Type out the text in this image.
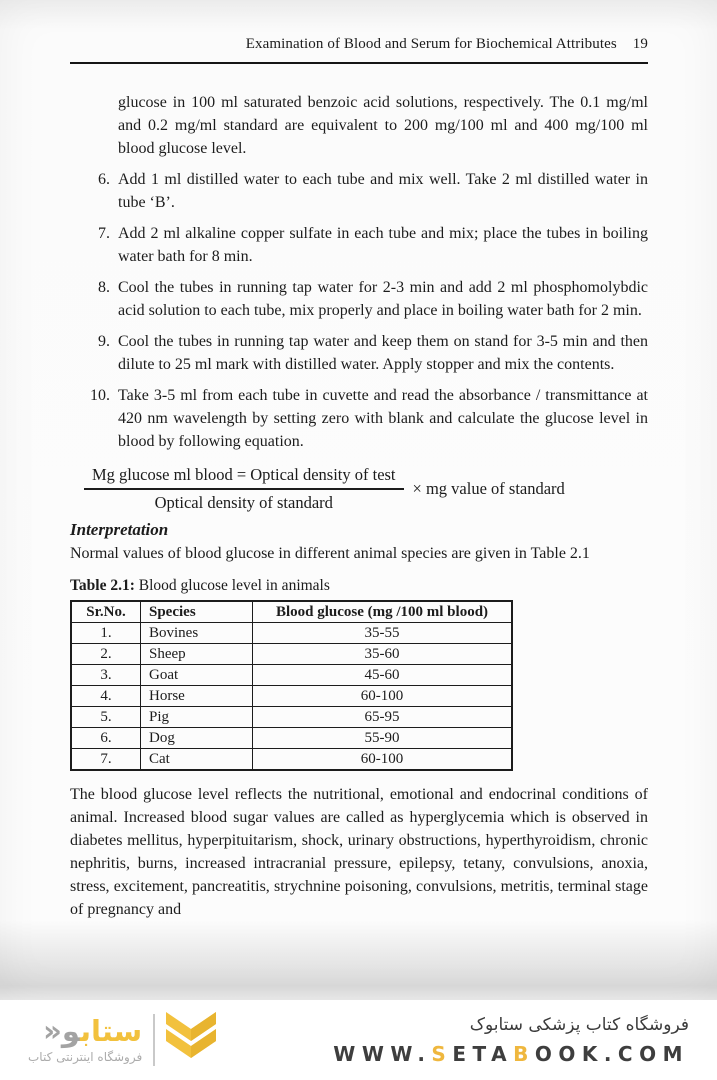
Examination of Blood and Serum for Biochemical Attributes 19

glucose in 100 ml saturated benzoic acid solutions, respectively. The 0.1 mg/ml and 0.2 mg/ml standard are equivalent to 200 mg/100 ml and 400 mg/100 ml blood glucose level.

6. Add 1 ml distilled water to each tube and mix well. Take 2 ml distilled water in tube ‘B’.
7. Add 2 ml alkaline copper sulfate in each tube and mix; place the tubes in boiling water bath for 8 min.
8. Cool the tubes in running tap water for 2-3 min and add 2 ml phosphomolybdic acid solution to each tube, mix properly and place in boiling water bath for 2 min.
9. Cool the tubes in running tap water and keep them on stand for 3-5 min and then dilute to 25 ml mark with distilled water. Apply stopper and mix the contents.
10. Take 3-5 ml from each tube in cuvette and read the absorbance / transmittance at 420 nm wavelength by setting zero with blank and calculate the glucose level in blood by following equation.
$\frac{\text{Mg glucose ml blood = Optical density of test}}{\text{Optical density of standard}}$ × mg value of standard
Interpretation

Normal values of blood glucose in different animal species are given in Table 2.1

Table 2.1: Blood glucose level in animals
Sr.No.	Species	Blood glucose (mg /100 ml blood)
1.	Bovines	35-55
2.	Sheep	35-60
3.	Goat	45-60
4.	Horse	60-100
5.	Pig	65-95
6.	Dog	55-90
7.	Cat	60-100

The blood glucose level reflects the nutritional, emotional and endocrinal conditions of animal. Increased blood sugar values are called as hyperglycemia which is observed in diabetes mellitus, hyperpituitarism, shock, urinary obstructions, hyperthyroidism, chronic nephritis, burns, increased intracranial pressure, epilepsy, tetany, convulsions, anoxia, stress, excitement, pancreatitis, strychnine poisoning, convulsions, metritis, terminal stage of pregnancy and

ستابو«
فروشگاه اینترنتی کتاب
فروشگاه کتاب پزشکی ستابوک
WWW.SETABOOK.COM
